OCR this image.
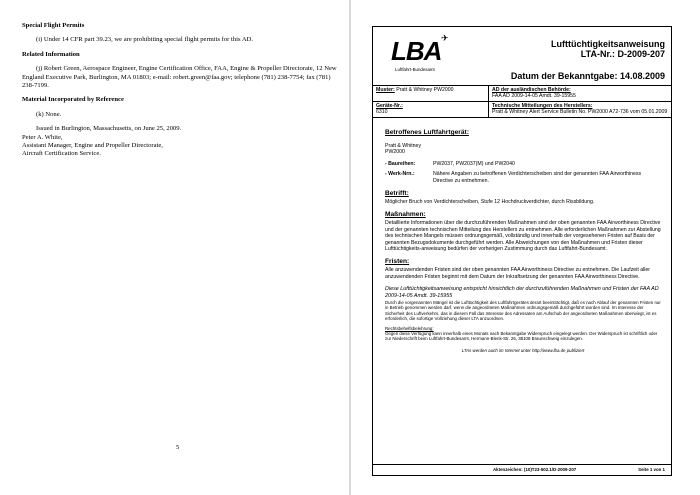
Special Flight Permits

(i) Under 14 CFR part 39.23, we are prohibiting special flight permits for this AD.

Related Information

(j) Robert Green, Aerospace Engineer, Engine Certification Office, FAA, Engine & Propeller Directorate, 12 New England Executive Park, Burlington, MA 01803; e-mail: robert.green@faa.gov; telephone (781) 238-7754; fax (781) 238-7199.

Material Incorporated by Reference

(k) None.

Issued in Burlington, Massachusetts, on June 25, 2009.

Peter A. White,
Assistant Manager, Engine and Propeller Directorate,
Aircraft Certification Service.
5
LBA ✈
Luftfahrt-Bundesamt
Lufttüchtigkeitsanweisung
LTA-Nr.: D-2009-207
Datum der Bekanntgabe: 14.08.2009
Muster: Pratt & Whitney PW2000	AD der ausländischen Behörde:
FAA AD 2009-14-05 Amdt. 39-15955
Geräte-Nr.:
6310
Technische Mitteilungen des Herstellers:
Pratt & Whitney Alert Service Bulletin No. PW2000 A72-736 vom 05.01.2009
Betroffenes Luftfahrtgerät:
Pratt & Whitney
PW2000
- Baureihen:	PW2037, PW2037(M) und PW2040
- Werk-Nrn.:	Nähere Angaben zu betroffenen Verdichterscheiben sind der genannten FAA Airworthiness Directive zu entnehmen.
Betrifft:
Möglicher Bruch von Verdichterscheiben, Stufe 12 Hochdruckverdichter, durch Rissbildung.
Maßnahmen:
Detaillierte Informationen über die durchzuführenden Maßnahmen sind der oben genannten FAA Airworthiness Directive und der genannten technischen Mitteilung des Herstellers zu entnehmen. Alle erforderlichen Maßnahmen zur Abstellung des technischen Mangels müssen ordnungsgemäß, vollständig und innerhalb der vorgesehenen Fristen auf Basis der genannten Bezugsdokumente durchgeführt werden. Alle Abweichungen von den Maßnahmen und Fristen dieser Lufttüchtigkeits-anweisung bedürfen der vorherigen Zustimmung durch das Luftfahrt-Bundesamt.
Fristen:
Alle anzuwendenden Fristen sind der oben genannten FAA Airworthiness Directive zu entnehmen. Die Laufzeit aller anzuwendenden Fristen beginnt mit dem Datum der Inkraftsetzung der genannten FAA Airworthiness Directive.
Diese Lufttüchtigkeitsanweisung entspricht hinsichtlich der durchzuführenden Maßnahmen und Fristen der FAA AD 2009-14-05 Amdt. 39-15955
Durch die vorgenannten Mängel ist die Lufttüchtigkeit des Luftfahrtgerätes derart beeinträchtigt, daß es nach Ablauf der genannten Fristen nur in Betrieb genommen werden darf, wenn die angeordneten Maßnahmen ordnungsgemäß durchgeführt worden sind. Im Interesse der Sicherheit des Luftverkehrs, das in diesem Fall das Interesse des Adressaten am Aufschub der angeordneten Maßnahmen überwiegt, ist es erforderlich, die sofortige Vollziehung dieser LTA anzuordnen.
Rechtsbehelfsbelehrung:
Gegen diese Verfügung kann innerhalb eines Monats nach Bekanntgabe Widerspruch eingelegt werden. Der Widerspruch ist schriftlich oder zur Niederschrift beim Luftfahrt-Bundesamt, Hermann-Blenk-Str. 26, 38108 Braunschweig einzulegen.
LTAs werden auch im Internet unter http://www.lba.de publiziert
Aktenzeichen: (10)T23-502.1/D-2009-207	Seite 1 von 1
